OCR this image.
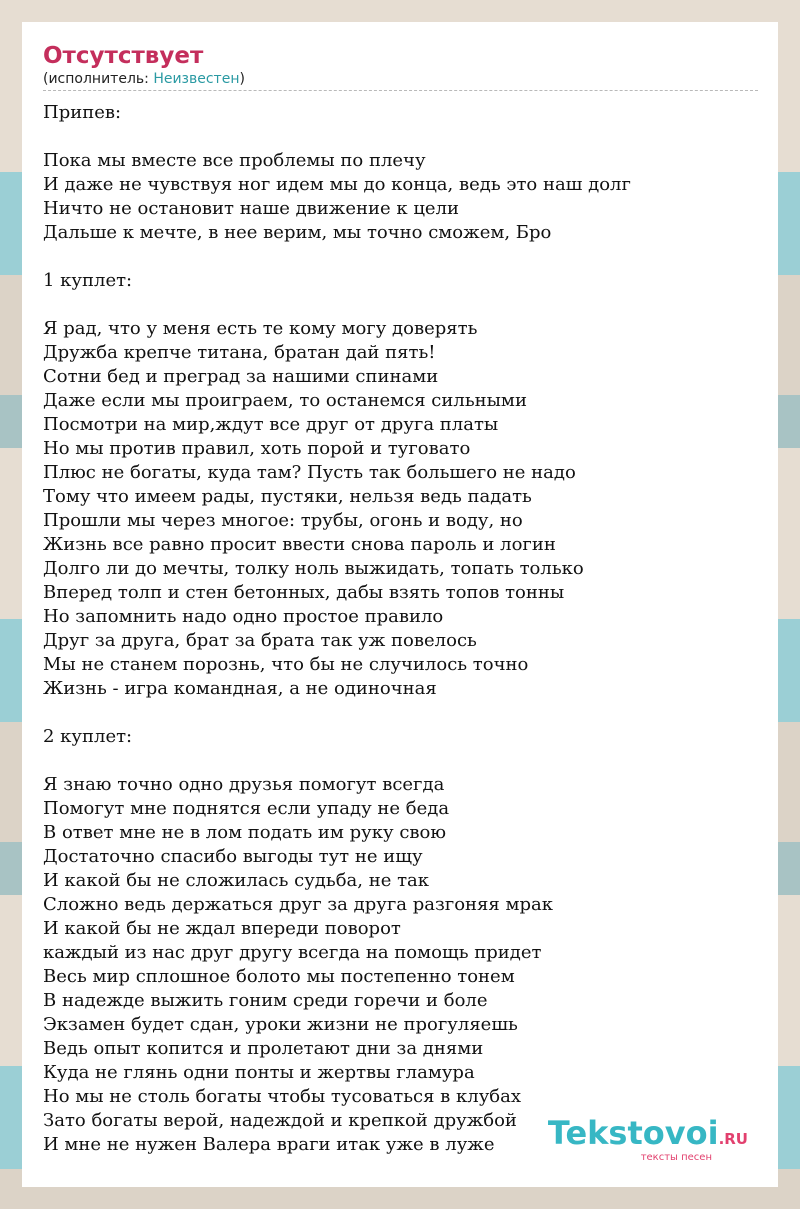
Отсутствует
(исполнитель: Неизвестен)
Припев:
Пока мы вместе все проблемы по плечу
И даже не чувствуя ног идем мы до конца, ведь это наш долг
Ничто не остановит наше движение к цели
Дальше к мечте, в нее верим, мы точно сможем, Бро
1 куплет:
Я рад, что у меня есть те кому могу доверять
Дружба крепче титана, братан дай пять!
Сотни бед и преград за нашими спинами
Даже если мы проиграем, то останемся сильными
Посмотри на мир,ждут все друг от друга платы
Но мы против правил, хоть порой и туговато
Плюс не богаты, куда там? Пусть так большего не надо
Тому что имеем рады, пустяки, нельзя ведь падать
Прошли мы через многое: трубы, огонь и воду, но
Жизнь все равно просит ввести снова пароль и логин
Долго ли до мечты, толку ноль выжидать, топать только
Вперед толп и стен бетонных, дабы взять топов тонны
Но запомнить надо одно простое правило
Друг за друга, брат за брата так уж повелось
Мы не станем порознь, что бы не случилось точно
Жизнь - игра командная, а не одиночная
2 куплет:
Я знаю точно одно друзья помогут всегда
Помогут мне поднятся если упаду не беда
В ответ мне не в лом подать им руку свою
Достаточно спасибо выгоды тут не ищу
И какой бы не сложилась судьба, не так
Сложно ведь держаться друг за друга разгоняя мрак
И какой бы не ждал впереди поворот
каждый из нас друг другу всегда на помощь придет
Весь мир сплошное болото мы постепенно тонем
В надежде выжить гоним среди горечи и боле
Экзамен будет сдан, уроки жизни не прогуляешь
Ведь опыт копится и пролетают дни за днями
Куда не глянь одни понты и жертвы гламура
Но мы не столь богаты чтобы тусоваться в клубах
Зато богаты верой, надеждой и крепкой дружбой
И мне не нужен Валера враги итак уже в луже	Tekstovoi.RU
тексты песен
